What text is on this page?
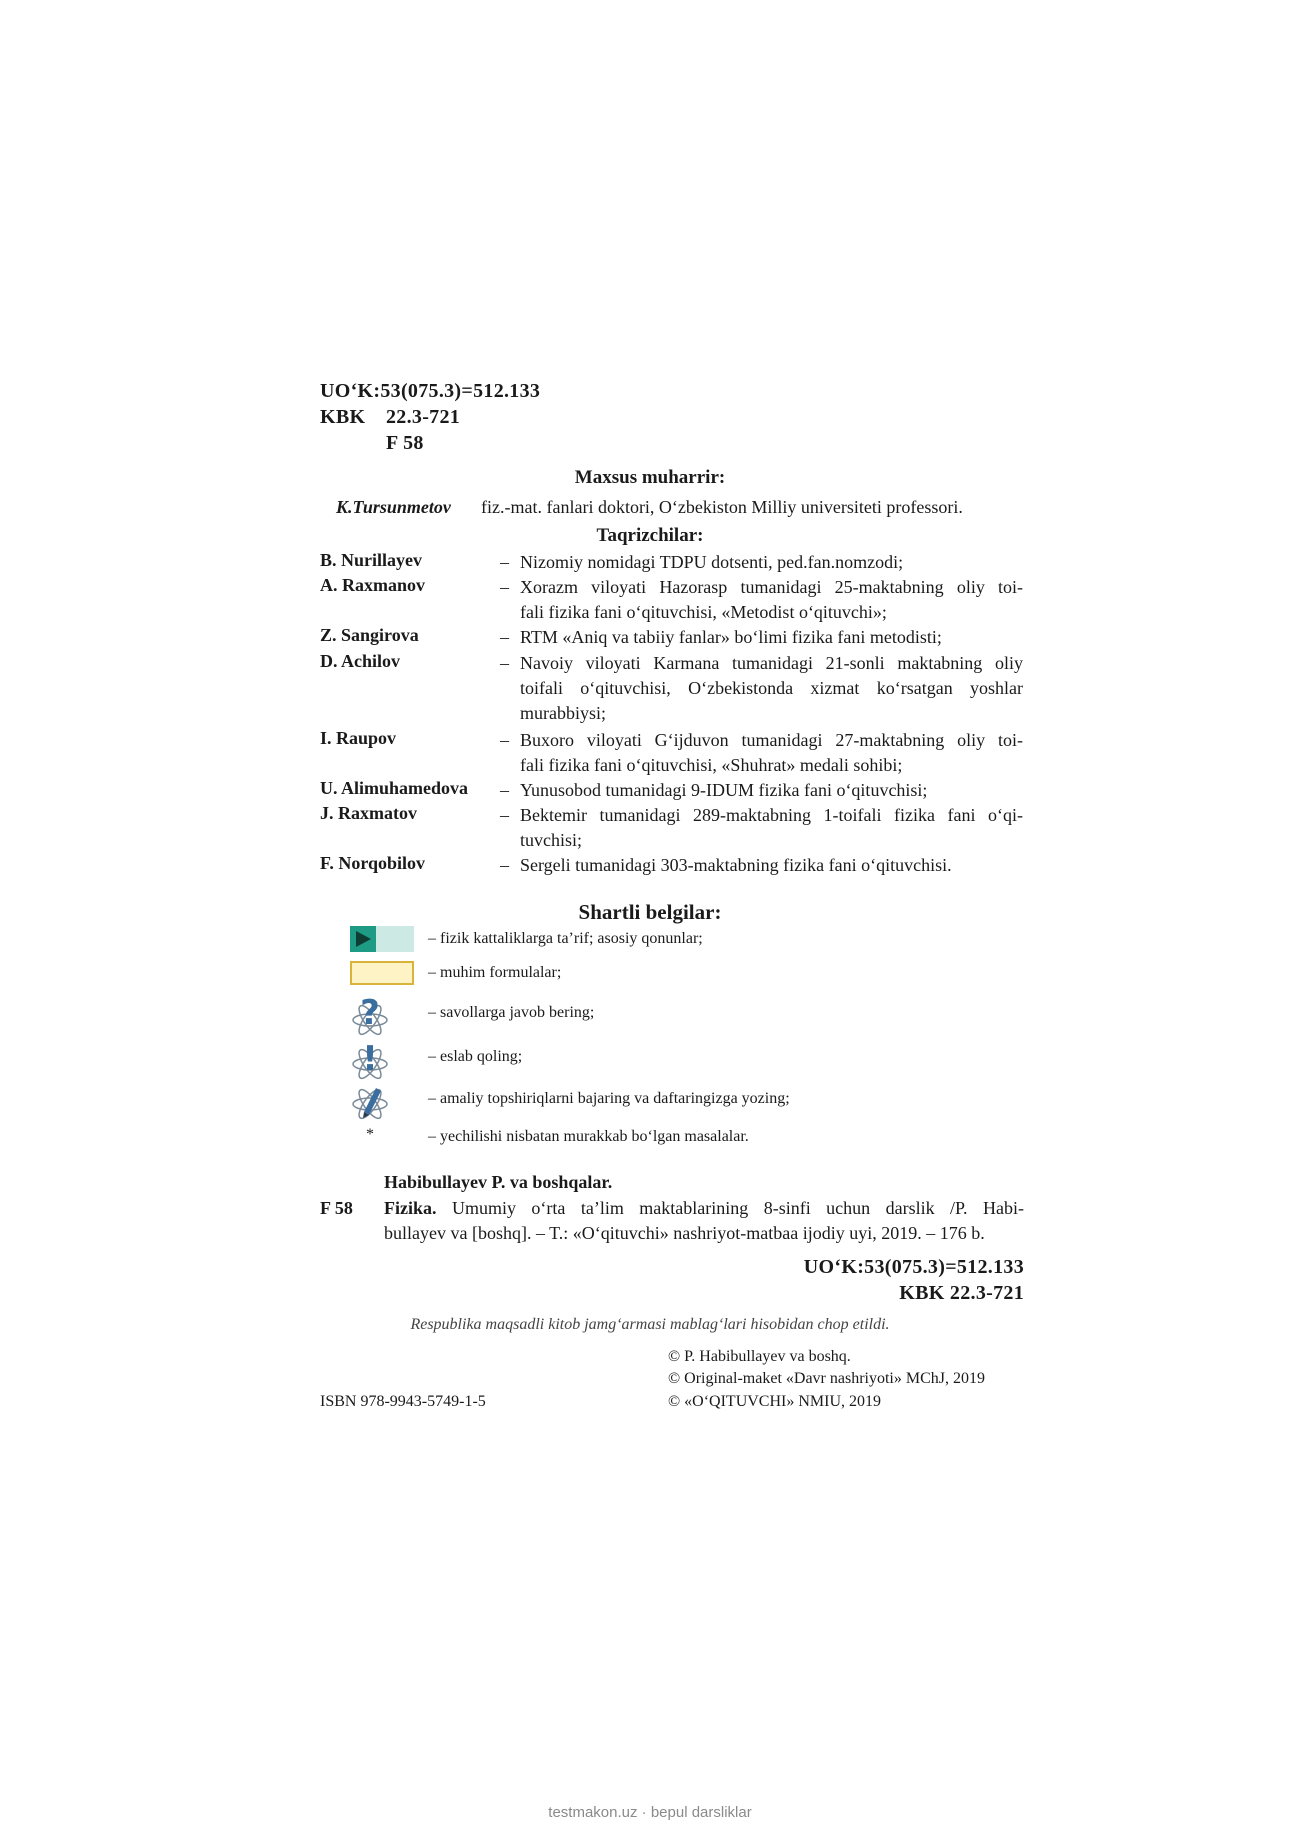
UO‘K:53(075.3)=512.133
KBK 22.3-721
F 58
Maxsus muharrir:
K.Tursunmetov fiz.-mat. fanlari doktori, O‘zbekiston Milliy universiteti professori.
Taqrizchilar:
B. Nurillayev	– Nizomiy nomidagi TDPU dotsenti, ped.fan.nomzodi;
A. Raxmanov	– Xorazm viloyati Hazorasp tumanidagi 25-maktabning oliy toi-
fali fizika fani o‘qituvchisi, «Metodist o‘qituvchi»;
Z. Sangirova	– RTM «Aniq va tabiiy fanlar» bo‘limi fizika fani metodisti;
D. Achilov	– Navoiy viloyati Karmana tumanidagi 21-sonli maktabning oliy
toifali o‘qituvchisi, O‘zbekistonda xizmat ko‘rsatgan yoshlar
murabbiysi;
I. Raupov	– Buxoro viloyati G‘ijduvon tumanidagi 27-maktabning oliy toi-
fali fizika fani o‘qituvchisi, «Shuhrat» medali sohibi;
U. Alimuhamedova – Yunusobod tumanidagi 9-IDUM fizika fani o‘qituvchisi;
J. Raxmatov	– Bektemir tumanidagi 289-maktabning 1-toifali fizika fani o‘qi-
tuvchisi;
F. Norqobilov	– Sergeli tumanidagi 303-maktabning fizika fani o‘qituvchisi.
Shartli belgilar:
– fizik kattaliklarga ta’rif; asosiy qonunlar;
– muhim formulalar;
?	– savollarga javob bering;
!	– eslab qoling;
– amaliy topshiriqlarni bajaring va daftaringizga yozing;
*	– yechilishi nisbatan murakkab bo‘lgan masalalar.
Habibullayev P. va boshqalar.
F 58 Fizika. Umumiy o‘rta ta’lim maktablarining 8-sinfi uchun darslik /P. Habi-
bullayev va [boshq]. – T.: «O‘qituvchi» nashriyot-matbaa ijodiy uyi, 2019. – 176 b.
UO‘K:53(075.3)=512.133
KBK 22.3-721
Respublika maqsadli kitob jamg‘armasi mablag‘lari hisobidan chop etildi.
© P. Habibullayev va boshq.
© Original-maket «Davr nashriyoti» MChJ, 2019
© «O‘QITUVCHI» NMIU, 2019
ISBN 978-9943-5749-1-5
testmakon.uz · bepul darsliklar
